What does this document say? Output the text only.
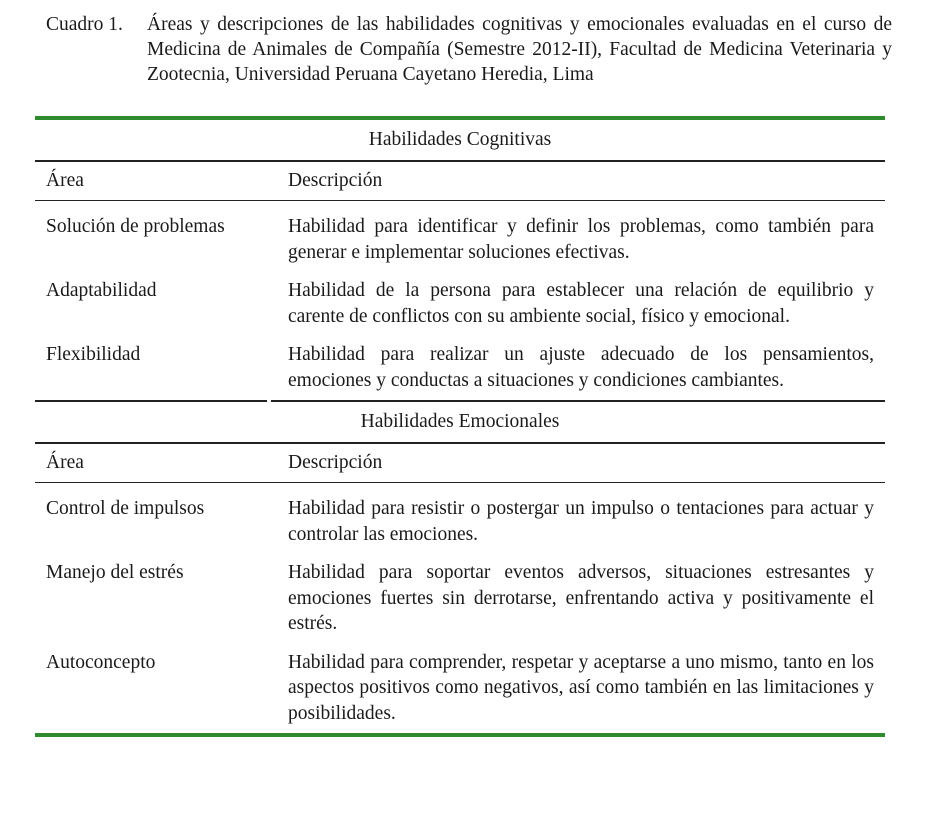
Cuadro 1. Áreas y descripciones de las habilidades cognitivas y emocionales evaluadas en el curso de Medicina de Animales de Compañía (Semestre 2012-II), Facultad de Medicina Veterinaria y Zootecnia, Universidad Peruana Cayetano Heredia, Lima
Habilidades Cognitivas
Área	Descripción
Solución de problemas	Habilidad para identificar y definir los problemas, como también para generar e implementar soluciones efectivas.
Adaptabilidad	Habilidad de la persona para establecer una relación de equilibrio y carente de conflictos con su ambiente social, físico y emocional.
Flexibilidad	Habilidad para realizar un ajuste adecuado de los pensamientos, emociones y conductas a situaciones y condiciones cambiantes.
Habilidades Emocionales
Área	Descripción
Control de impulsos	Habilidad para resistir o postergar un impulso o tentaciones para actuar y controlar las emociones.
Manejo del estrés	Habilidad para soportar eventos adversos, situaciones estresantes y emociones fuertes sin derrotarse, enfrentando activa y positivamente el estrés.
Autoconcepto	Habilidad para comprender, respetar y aceptarse a uno mismo, tanto en los aspectos positivos como negativos, así como también en las limitaciones y posibilidades.
